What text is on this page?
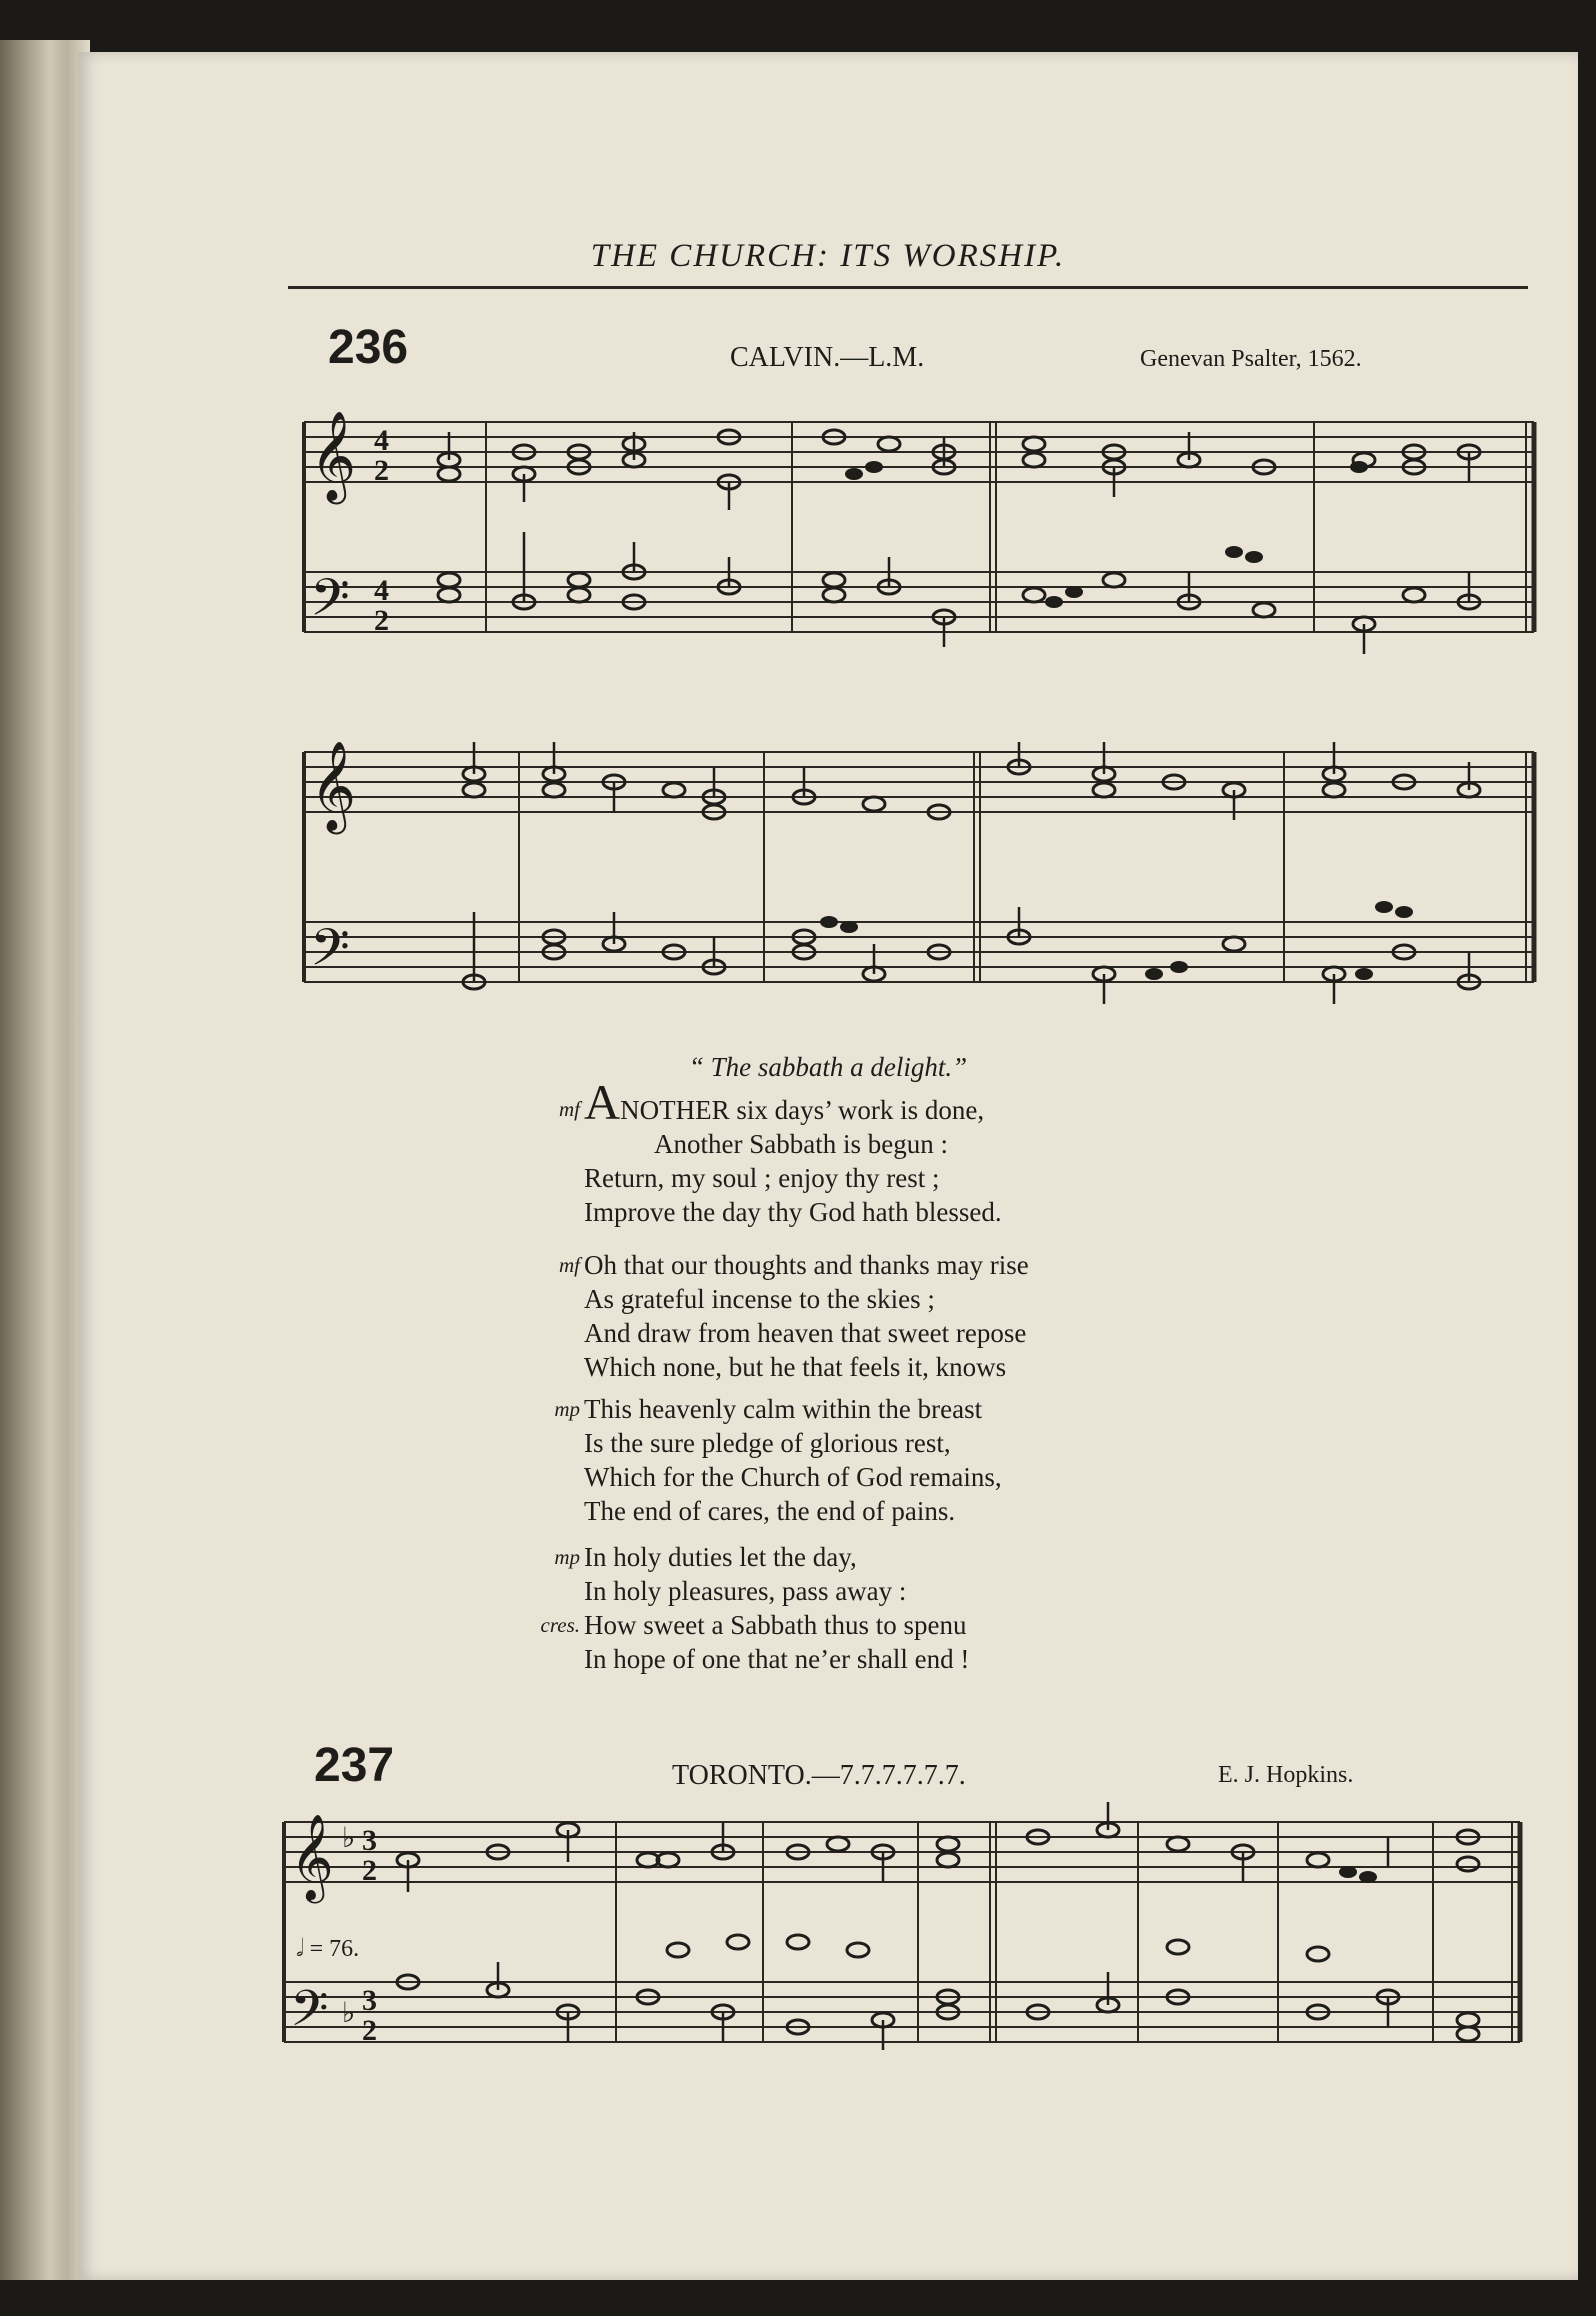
THE CHURCH: ITS WORSHIP.
236	CALVIN.—L.M.	Genevan Psalter, 1562.
𝄞
𝄢
4
2
4
2
𝄞
𝄢
“ The sabbath a delight.”
mf ANOTHER six days’ work is done,
Another Sabbath is begun :
Return, my soul ; enjoy thy rest ;
Improve the day thy God hath blessed.
mf Oh that our thoughts and thanks may rise
As grateful incense to the skies ;
And draw from heaven that sweet repose
Which none, but he that feels it, knows
mp This heavenly calm within the breast
Is the sure pledge of glorious rest,
Which for the Church of God remains,
The end of cares, the end of pains.
mp
cres.
In holy duties let the day,
In holy pleasures, pass away :
How sweet a Sabbath thus to spenu
In hope of one that ne’er shall end !
237	TORONTO.—7.7.7.7.7.7.	E. J. Hopkins.
𝄞
𝄢
♭
♭
3
2
3
2
𝅗𝅥 = 76.
